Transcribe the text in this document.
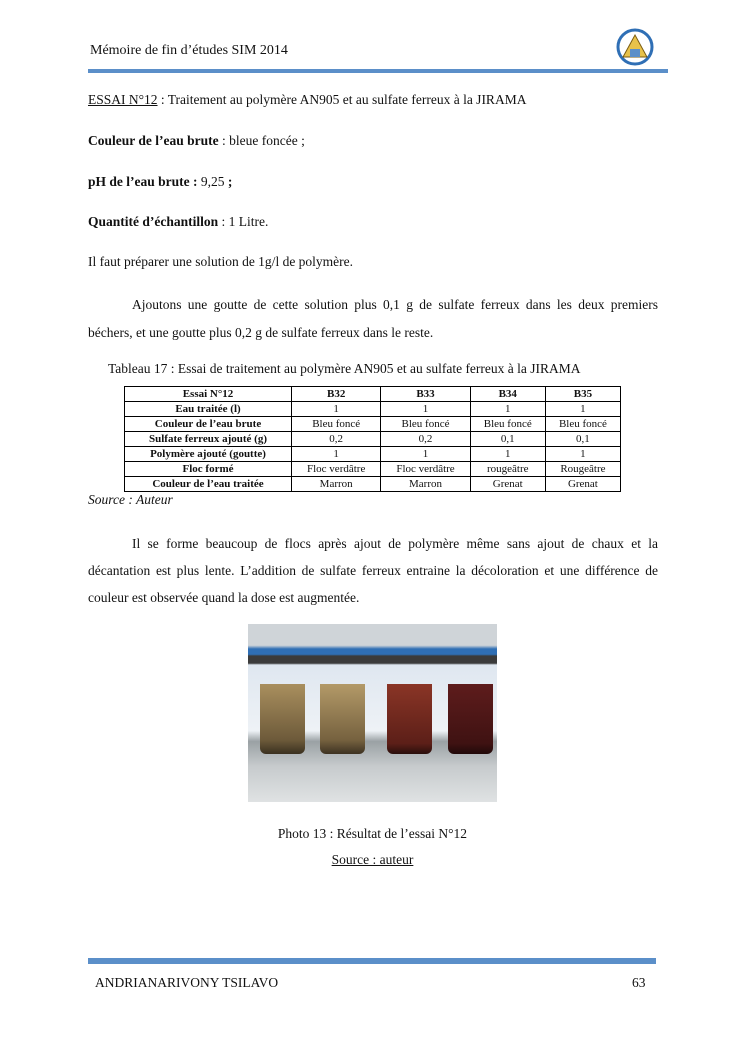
Mémoire de fin d’études SIM 2014

ESSAI N°12 : Traitement au polymère AN905 et au sulfate ferreux à la JIRAMA

Couleur de l’eau brute : bleue foncée ;

pH de l’eau brute : 9,25 ;

Quantité d’échantillon : 1 Litre.

Il faut préparer une solution de 1g/l de polymère.

Ajoutons une goutte de cette solution plus 0,1 g de sulfate ferreux dans les deux premiers béchers, et une goutte plus 0,2 g de sulfate ferreux dans le reste.

Tableau 17 : Essai de traitement au polymère AN905 et au sulfate ferreux à la JIRAMA

Essai N°12	B32	B33	B34	B35
Eau traitée (l)	1	1	1	1
Couleur de l’eau brute	Bleu foncé	Bleu foncé	Bleu foncé	Bleu foncé
Sulfate ferreux ajouté (g)	0,2	0,2	0,1	0,1
Polymère ajouté (goutte)	1	1	1	1
Floc formé	Floc verdâtre	Floc verdâtre	rougeâtre	Rougeâtre
Couleur de l’eau traitée	Marron	Marron	Grenat	Grenat

Source : Auteur

Il se forme beaucoup de flocs après ajout de polymère même sans ajout de chaux et la décantation est plus lente. L’addition de sulfate ferreux entraine la décoloration et une différence de couleur est observée quand la dose est augmentée.

Photo 13 : Résultat de l’essai N°12

Source : auteur

ANDRIANARIVONY TSILAVO	63
